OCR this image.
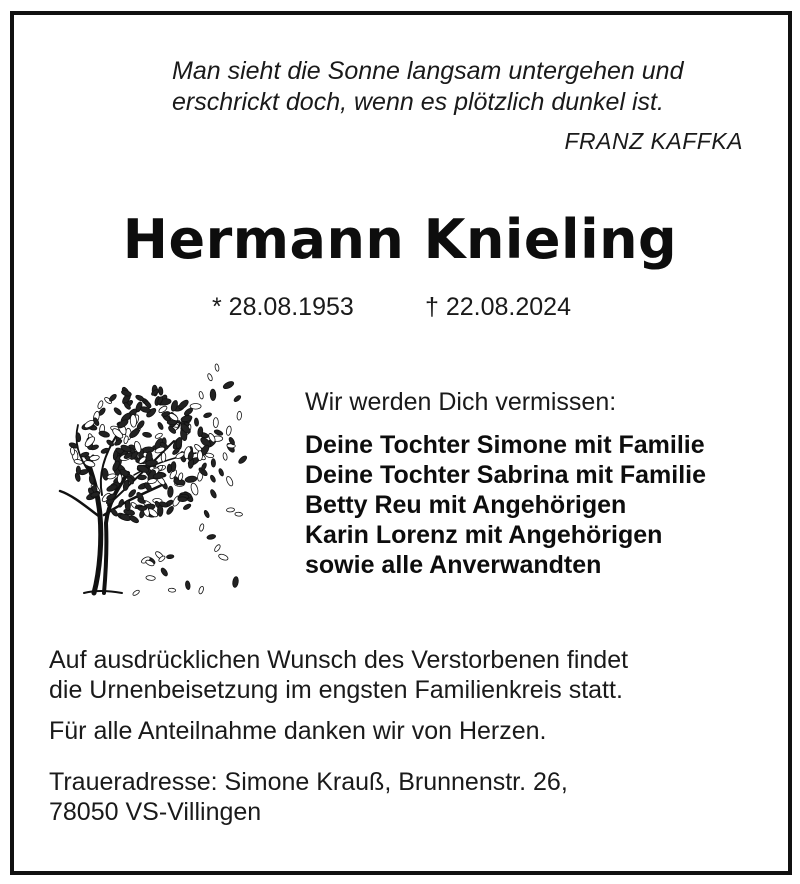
Man sieht die Sonne langsam untergehen und
erschrickt doch, wenn es plötzlich dunkel ist.
FRANZ KAFFKA
Hermann Knieling
* 28.08.1953	† 22.08.2024
Wir werden Dich vermissen:
Deine Tochter Simone mit Familie
Deine Tochter Sabrina mit Familie
Betty Reu mit Angehörigen
Karin Lorenz mit Angehörigen
sowie alle Anverwandten
Auf ausdrücklichen Wunsch des Verstorbenen findet
die Urnenbeisetzung im engsten Familienkreis statt.
Für alle Anteilnahme danken wir von Herzen.
Traueradresse: Simone Krauß, Brunnenstr. 26,
78050 VS-Villingen
